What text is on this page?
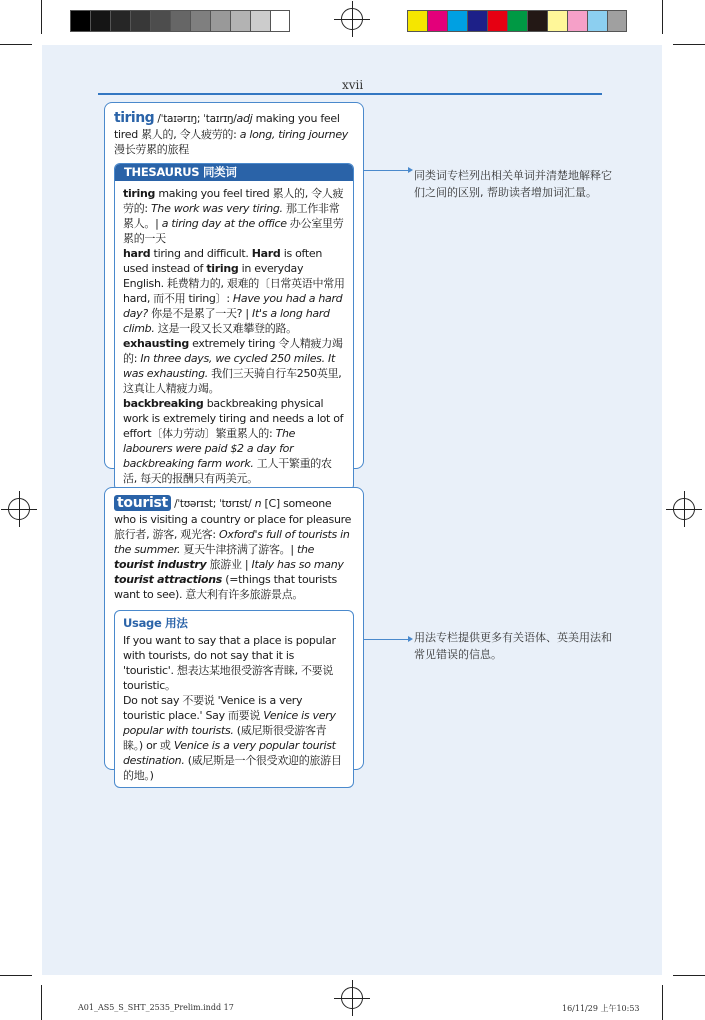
xvii
tiring /ˈtaɪərɪŋ; ˈtaɪrɪŋ/adj making you feel tired 累人的, 令人疲劳的: a long, tiring journey 漫长劳累的旅程
THESAURUS 同类词

tiring making you feel tired 累人的, 令人疲劳的: The work was very tiring. 那工作非常累人。| a tiring day at the office 办公室里劳累的一天

hard tiring and difficult. Hard is often used instead of tiring in everyday English. 耗费精力的, 艰难的〔日常英语中常用 hard, 而不用 tiring〕: Have you had a hard day? 你是不是累了一天? | It's a long hard climb. 这是一段又长又难攀登的路。

exhausting extremely tiring 令人精疲力竭的: In three days, we cycled 250 miles. It was exhausting. 我们三天骑自行车250英里, 这真让人精疲力竭。

backbreaking backbreaking physical work is extremely tiring and needs a lot of effort〔体力劳动〕繁重累人的: The labourers were paid $2 a day for backbreaking farm work. 工人干繁重的农活, 每天的报酬只有两美元。

tourist /ˈtʊərɪst; ˈtʊrɪst/ n [C] someone who is visiting a country or place for pleasure 旅行者, 游客, 观光客: Oxford's full of tourists in the summer. 夏天牛津挤满了游客。| the tourist industry 旅游业 | Italy has so many tourist attractions (=things that tourists want to see). 意大利有许多旅游景点。
Usage 用法

If you want to say that a place is popular with tourists, do not say that it is 'touristic'. 想表达某地很受游客青睐, 不要说touristic。

Do not say 不要说 'Venice is a very touristic place.' Say 而要说 Venice is very popular with tourists. (威尼斯很受游客青睐。) or 或 Venice is a very popular tourist destination. (威尼斯是一个很受欢迎的旅游目的地。)

同类词专栏列出相关单词并清楚地解释它们之间的区别, 帮助读者增加词汇量。
用法专栏提供更多有关语体、英美用法和常见错误的信息。
A01_AS5_S_SHT_2535_Prelim.indd 17	16/11/29 上午10:53
